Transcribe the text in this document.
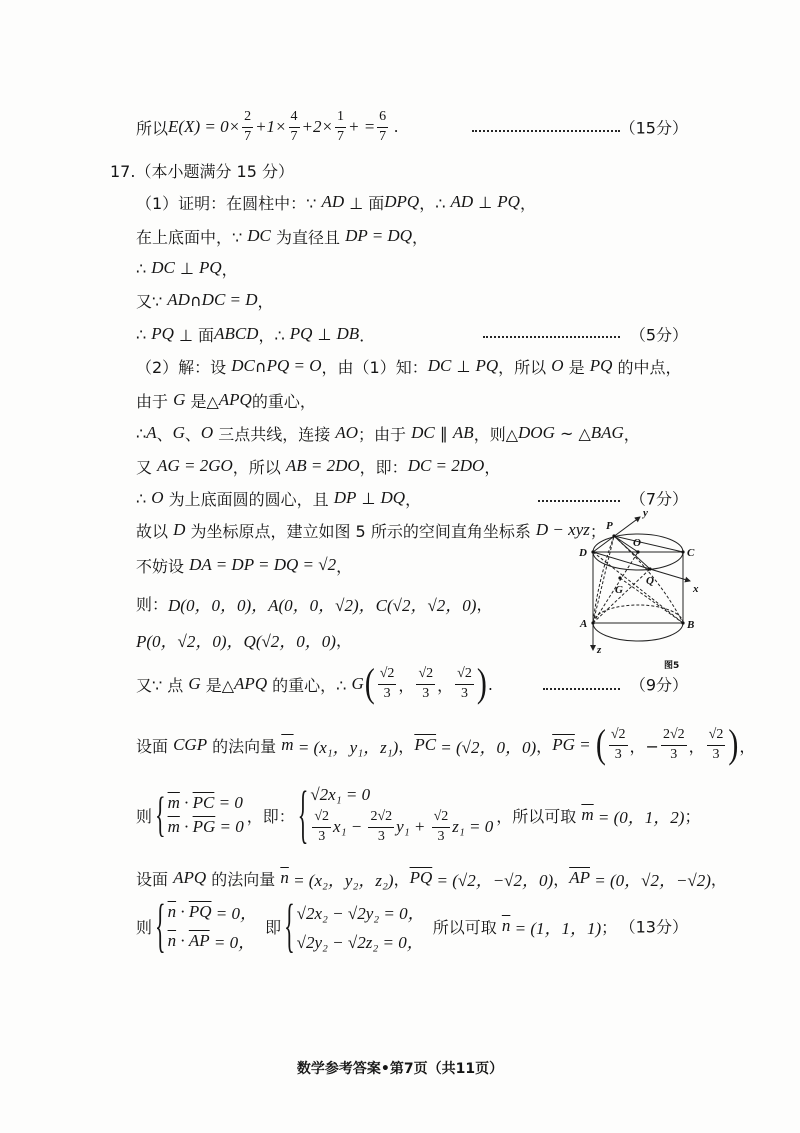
所以 $E(X) = 0\times \frac{2}{7} +1\times \frac{4}{7} +2\times \frac{1}{7}$ + = $\frac{6}{7}$ .	（15分）
17.（本小题满分 15 分）
（1）证明：在圆柱中：∵ AD ⊥ 面 DPQ ，∴ AD ⊥ PQ ，
在上底面中，∵ DC 为直径且 DP = DQ ，
∴ DC ⊥ PQ ，
又∵ AD ∩ DC = D ，
∴ PQ ⊥ 面 ABCD ，∴ PQ ⊥ DB ．	（5分）
（2）解：设 DC ∩ PQ = O ，由（1）知： DC ⊥ PQ ，所以 O 是 PQ 的中点，
由于 G 是△ APQ 的重心，
∴ A 、 G 、 O 三点共线，连接 AO ；由于 DC ∥ AB ，则△ DOG ~ △ BAG ，
又 AG = 2GO ，所以 AB = 2DO ，即： DC = 2DO ，
∴ O 为上底面圆的圆心，且 DP ⊥ DQ ，	（7分）
故以 D 为坐标原点，建立如图 5 所示的空间直角坐标系 D − xyz ；
不妨设 DA = DP = DQ = √2 ，
则： D(0，0，0)，A(0，0，√2)，C(√2，√2，0) ，
P(0，√2，0)，Q(√2，0，0) ，
又∵ 点 G 是△ APQ 的重心，∴ G ( $\frac{√2}{3}$ ， $\frac{√2}{3}$ ， $\frac{√2}{3}$ ) .	（9分）
设面 CGP 的法向量 $\overline{m} = (x_1$，y₁，z₁) ， $\overline{PC} = (√2$，0，0) ， $\overline{PG}$ = ( $\frac{√2}{3}$ ，− $\frac{2√2}{3}$ ， $\frac{√2}{3}$ ) ，
则
{
$\overline{m} \cdot \overline{PC} = 0$
$\overline{m} \cdot \overline{PG} = 0$
，即：
{
√2x₁ = 0
$\frac{√2}{3} x_1 - \frac{2√2}{3} y_1 + \frac{√2}{3} z_1 = 0$
，所以可取 $\overline{m} = (0$，1，2) ；
设面 APQ 的法向量 $\overline{n} = (x_2$，y₂，z₂) ， $\overline{PQ} = (√2$，−√2，0) ， $\overline{AP} = (0$，√2，−√2) ，
则
{
$\overline{n} \cdot \overline{PQ} = 0$，
$\overline{n} \cdot \overline{AP} = 0$，
即
{
√2x₂ − √2y₂ = 0，
√2y₂ − √2z₂ = 0，
所以可取 $\overline{n} = (1$，1，1) ； （13分）
P
y
D
O
C
G
Q
x
A	B
z
图5
数学参考答案•第7页（共11页）
